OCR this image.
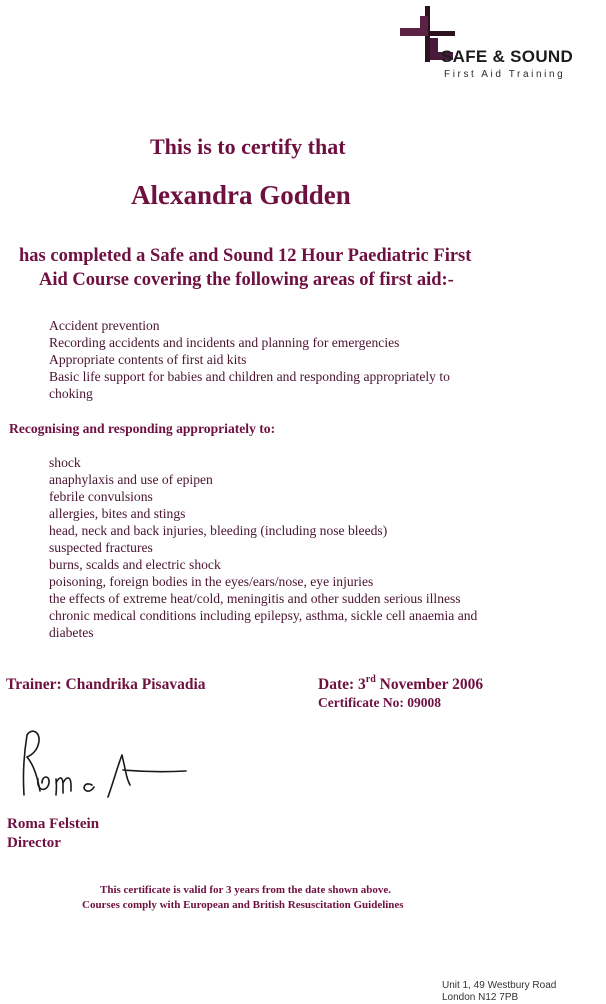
SAFE & SOUND
First Aid Training
This is to certify that
Alexandra Godden
has completed a Safe and Sound 12 Hour Paediatric First
Aid Course covering the following areas of first aid:-
Accident prevention
Recording accidents and incidents and planning for emergencies
Appropriate contents of first aid kits
Basic life support for babies and children and responding appropriately to
choking
Recognising and responding appropriately to:
shock
anaphylaxis and use of epipen
febrile convulsions
allergies, bites and stings
head, neck and back injuries, bleeding (including nose bleeds)
suspected fractures
burns, scalds and electric shock
poisoning, foreign bodies in the eyes/ears/nose, eye injuries
the effects of extreme heat/cold, meningitis and other sudden serious illness
chronic medical conditions including epilepsy, asthma, sickle cell anaemia and
diabetes
Trainer: Chandrika Pisavadia	Date: 3rd November 2006
Certificate No: 09008
Roma Felstein
Director
This certificate is valid for 3 years from the date shown above.
Courses comply with European and British Resuscitation Guidelines
Unit 1, 49 Westbury Road
London N12 7PB
